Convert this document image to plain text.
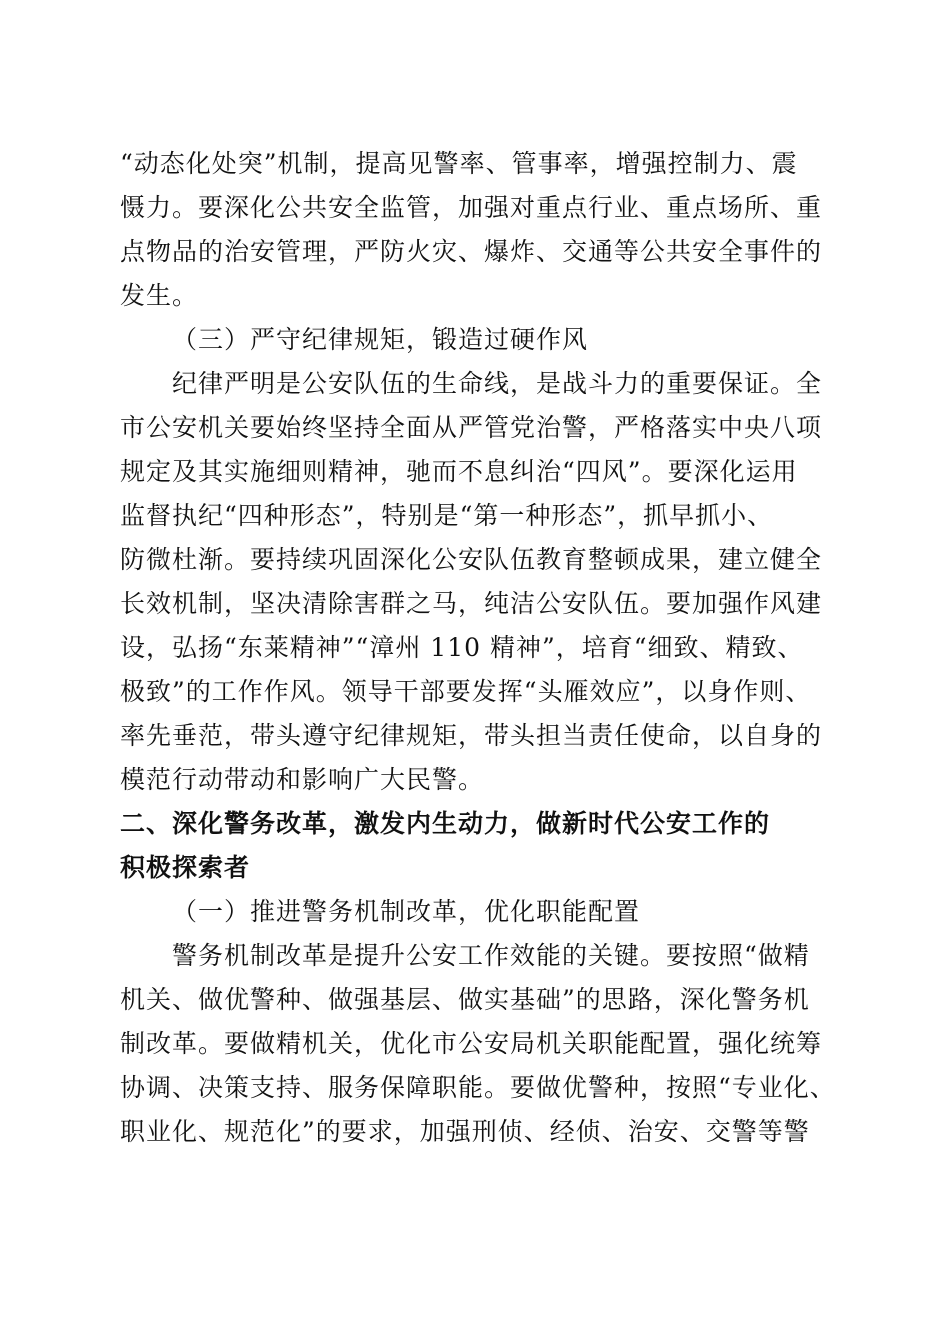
“动态化处突”机制，提高见警率、管事率，增强控制力、震
慑力。要深化公共安全监管，加强对重点行业、重点场所、重
点物品的治安管理，严防火灾、爆炸、交通等公共安全事件的
发生。
（三）严守纪律规矩，锻造过硬作风
纪律严明是公安队伍的生命线，是战斗力的重要保证。全
市公安机关要始终坚持全面从严管党治警，严格落实中央八项
规定及其实施细则精神，驰而不息纠治“四风”。要深化运用
监督执纪“四种形态”，特别是“第一种形态”，抓早抓小、
防微杜渐。要持续巩固深化公安队伍教育整顿成果，建立健全
长效机制，坚决清除害群之马，纯洁公安队伍。要加强作风建
设，弘扬“东莱精神”“漳州 110 精神”，培育“细致、精致、
极致”的工作作风。领导干部要发挥“头雁效应”，以身作则、
率先垂范，带头遵守纪律规矩，带头担当责任使命，以自身的
模范行动带动和影响广大民警。
二、深化警务改革，激发内生动力，做新时代公安工作的
积极探索者
（一）推进警务机制改革，优化职能配置
警务机制改革是提升公安工作效能的关键。要按照“做精
机关、做优警种、做强基层、做实基础”的思路，深化警务机
制改革。要做精机关，优化市公安局机关职能配置，强化统筹
协调、决策支持、服务保障职能。要做优警种，按照“专业化、
职业化、规范化”的要求，加强刑侦、经侦、治安、交警等警
